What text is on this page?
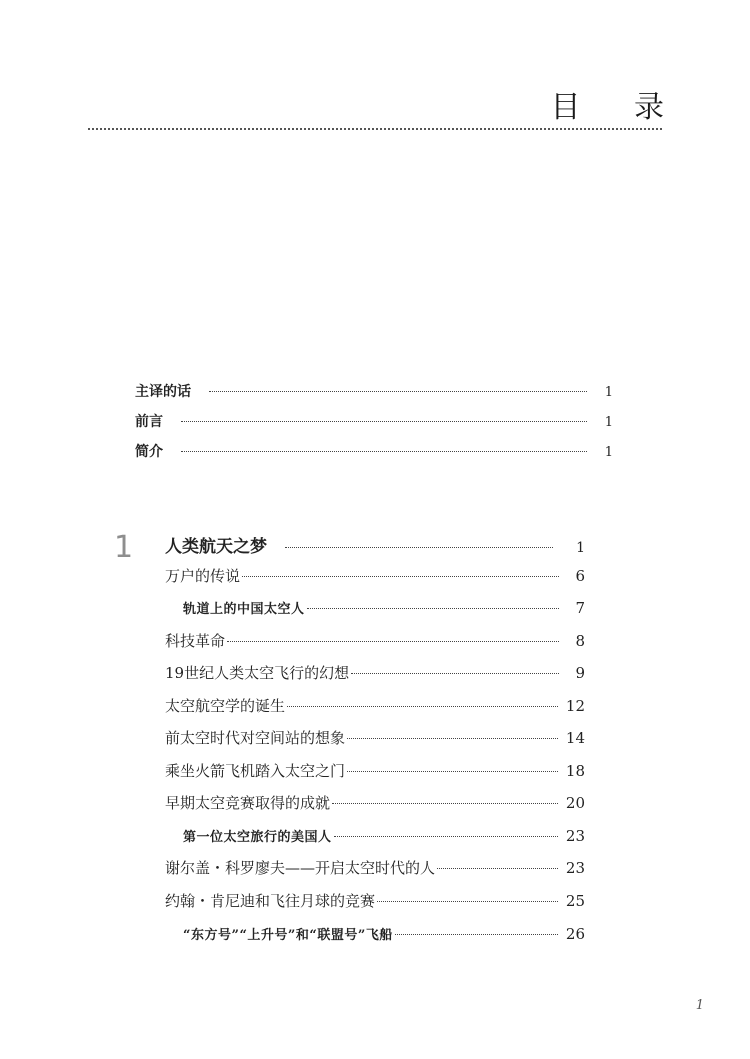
目 录
主译的话	1
前言	1
简介	1
1 人类航天之梦	1
万户的传说	6
轨道上的中国太空人	7
科技革命	8
19世纪人类太空飞行的幻想	9
太空航空学的诞生	12
前太空时代对空间站的想象	14
乘坐火箭飞机踏入太空之门	18
早期太空竞赛取得的成就	20
第一位太空旅行的美国人	23
谢尔盖・科罗廖夫——开启太空时代的人	23
约翰・肯尼迪和飞往月球的竞赛	25
“东方号”“上升号”和“联盟号”飞船	26
1
